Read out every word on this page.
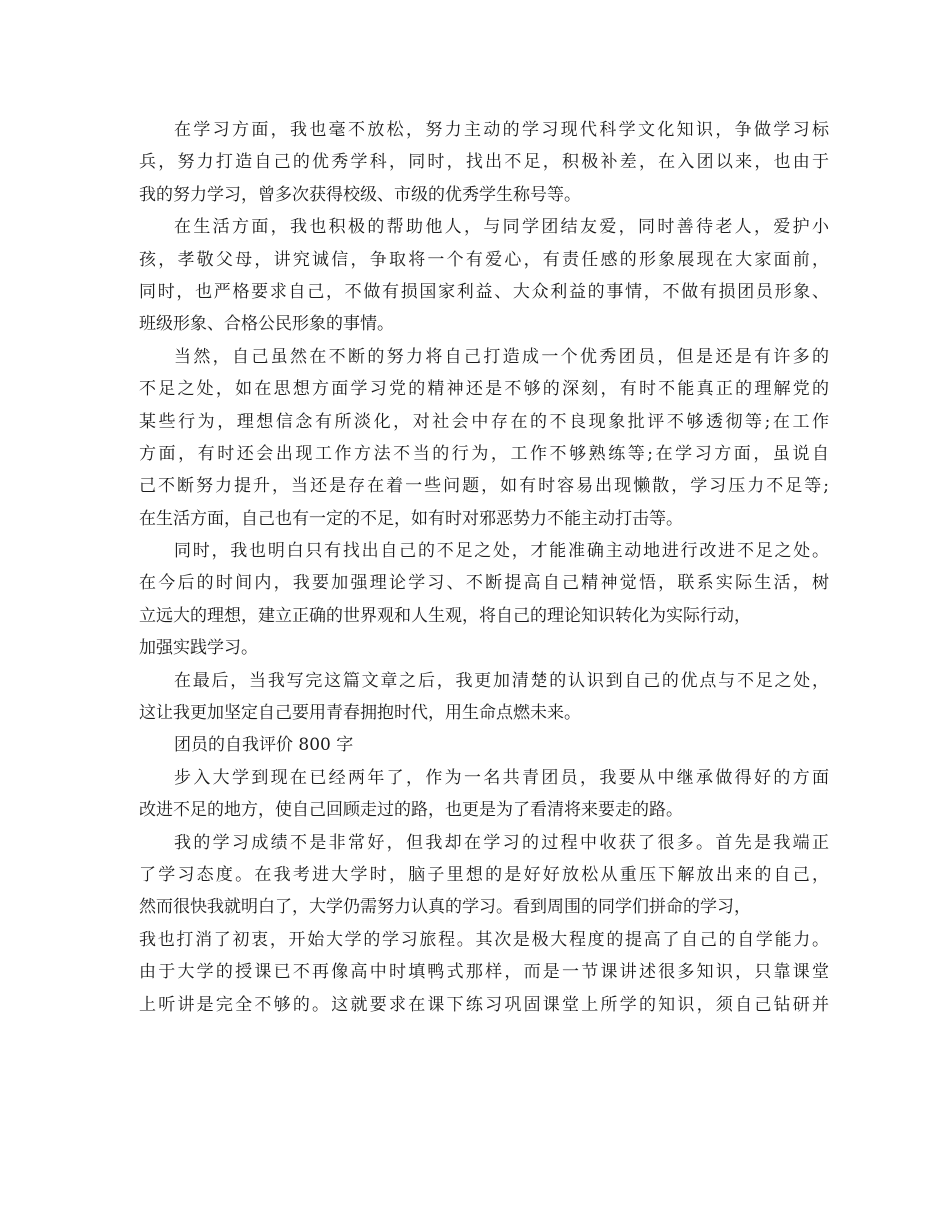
在学习方面，我也毫不放松，努力主动的学习现代科学文化知识，争做学习标
兵，努力打造自己的优秀学科，同时，找出不足，积极补差，在入团以来，也由于
我的努力学习，曾多次获得校级、市级的优秀学生称号等。
在生活方面，我也积极的帮助他人，与同学团结友爱，同时善待老人，爱护小
孩，孝敬父母，讲究诚信，争取将一个有爱心，有责任感的形象展现在大家面前，
同时，也严格要求自己，不做有损国家利益、大众利益的事情，不做有损团员形象、
班级形象、合格公民形象的事情。
当然，自己虽然在不断的努力将自己打造成一个优秀团员，但是还是有许多的
不足之处，如在思想方面学习党的精神还是不够的深刻，有时不能真正的理解党的
某些行为，理想信念有所淡化，对社会中存在的不良现象批评不够透彻等;在工作
方面，有时还会出现工作方法不当的行为，工作不够熟练等;在学习方面，虽说自
己不断努力提升，当还是存在着一些问题，如有时容易出现懒散，学习压力不足等;
在生活方面，自己也有一定的不足，如有时对邪恶势力不能主动打击等。
同时，我也明白只有找出自己的不足之处，才能准确主动地进行改进不足之处。
在今后的时间内，我要加强理论学习、不断提高自己精神觉悟，联系实际生活，树
立远大的理想，建立正确的世界观和人生观，将自己的理论知识转化为实际行动，
加强实践学习。
在最后，当我写完这篇文章之后，我更加清楚的认识到自己的优点与不足之处，
这让我更加坚定自己要用青春拥抱时代，用生命点燃未来。
团员的自我评价 800 字
步入大学到现在已经两年了，作为一名共青团员，我要从中继承做得好的方面
改进不足的地方，使自己回顾走过的路，也更是为了看清将来要走的路。
我的学习成绩不是非常好，但我却在学习的过程中收获了很多。首先是我端正
了学习态度。在我考进大学时，脑子里想的是好好放松从重压下解放出来的自己，
然而很快我就明白了，大学仍需努力认真的学习。看到周围的同学们拼命的学习，
我也打消了初衷，开始大学的学习旅程。其次是极大程度的提高了自己的自学能力。
由于大学的授课已不再像高中时填鸭式那样，而是一节课讲述很多知识，只靠课堂
上听讲是完全不够的。这就要求在课下练习巩固课堂上所学的知识，须自己钻研并
